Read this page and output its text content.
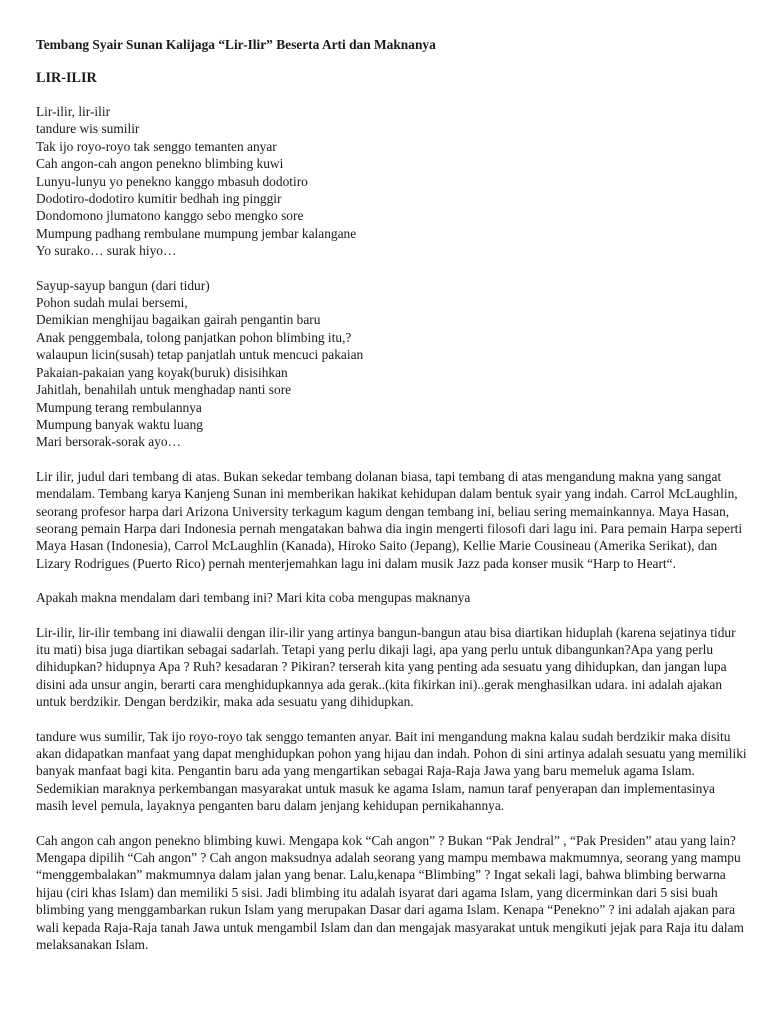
Tembang Syair Sunan Kalijaga “Lir-Ilir” Beserta Arti dan Maknanya
LIR-ILIR
Lir-ilir, lir-ilir
tandure wis sumilir
Tak ijo royo-royo tak senggo temanten anyar
Cah angon-cah angon penekno blimbing kuwi
Lunyu-lunyu yo penekno kanggo mbasuh dodotiro
Dodotiro-dodotiro kumitir bedhah ing pinggir
Dondomono jlumatono kanggo sebo mengko sore
Mumpung padhang rembulane mumpung jembar kalangane
Yo surako… surak hiyo…
Sayup-sayup bangun (dari tidur)
Pohon sudah mulai bersemi,
Demikian menghijau bagaikan gairah pengantin baru
Anak penggembala, tolong panjatkan pohon blimbing itu,?
walaupun licin(susah) tetap panjatlah untuk mencuci pakaian
Pakaian-pakaian yang koyak(buruk) disisihkan
Jahitlah, benahilah untuk menghadap nanti sore
Mumpung terang rembulannya
Mumpung banyak waktu luang
Mari bersorak-sorak ayo…

Lir ilir, judul dari tembang di atas. Bukan sekedar tembang dolanan biasa, tapi tembang di atas mengandung makna yang sangat mendalam. Tembang karya Kanjeng Sunan ini memberikan hakikat kehidupan dalam bentuk syair yang indah. Carrol McLaughlin, seorang profesor harpa dari Arizona University terkagum kagum dengan tembang ini, beliau sering memainkannya. Maya Hasan, seorang pemain Harpa dari Indonesia pernah mengatakan bahwa dia ingin mengerti filosofi dari lagu ini. Para pemain Harpa seperti Maya Hasan (Indonesia), Carrol McLaughlin (Kanada), Hiroko Saito (Jepang), Kellie Marie Cousineau (Amerika Serikat), dan Lizary Rodrigues (Puerto Rico) pernah menterjemahkan lagu ini dalam musik Jazz pada konser musik “Harp to Heart“.

Apakah makna mendalam dari tembang ini? Mari kita coba mengupas maknanya

Lir-ilir, lir-ilir tembang ini diawalii dengan ilir-ilir yang artinya bangun-bangun atau bisa diartikan hiduplah (karena sejatinya tidur itu mati) bisa juga diartikan sebagai sadarlah. Tetapi yang perlu dikaji lagi, apa yang perlu untuk dibangunkan?Apa yang perlu dihidupkan? hidupnya Apa ? Ruh? kesadaran ? Pikiran? terserah kita yang penting ada sesuatu yang dihidupkan, dan jangan lupa disini ada unsur angin, berarti cara menghidupkannya ada gerak..(kita fikirkan ini)..gerak menghasilkan udara. ini adalah ajakan untuk berdzikir. Dengan berdzikir, maka ada sesuatu yang dihidupkan.

tandure wus sumilir, Tak ijo royo-royo tak senggo temanten anyar. Bait ini mengandung makna kalau sudah berdzikir maka disitu akan didapatkan manfaat yang dapat menghidupkan pohon yang hijau dan indah. Pohon di sini artinya adalah sesuatu yang memiliki banyak manfaat bagi kita. Pengantin baru ada yang mengartikan sebagai Raja-Raja Jawa yang baru memeluk agama Islam. Sedemikian maraknya perkembangan masyarakat untuk masuk ke agama Islam, namun taraf penyerapan dan implementasinya masih level pemula, layaknya penganten baru dalam jenjang kehidupan pernikahannya.

Cah angon cah angon penekno blimbing kuwi. Mengapa kok “Cah angon” ? Bukan “Pak Jendral” , “Pak Presiden” atau yang lain? Mengapa dipilih “Cah angon” ? Cah angon maksudnya adalah seorang yang mampu membawa makmumnya, seorang yang mampu “menggembalakan” makmumnya dalam jalan yang benar. Lalu,kenapa “Blimbing” ? Ingat sekali lagi, bahwa blimbing berwarna hijau (ciri khas Islam) dan memiliki 5 sisi. Jadi blimbing itu adalah isyarat dari agama Islam, yang dicerminkan dari 5 sisi buah blimbing yang menggambarkan rukun Islam yang merupakan Dasar dari agama Islam. Kenapa “Penekno” ? ini adalah ajakan para wali kepada Raja-Raja tanah Jawa untuk mengambil Islam dan dan mengajak masyarakat untuk mengikuti jejak para Raja itu dalam melaksanakan Islam.
